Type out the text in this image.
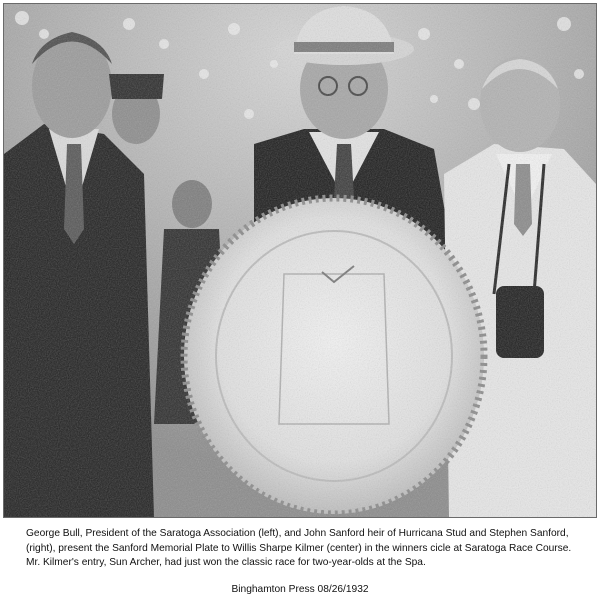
George Bull, President of the Saratoga Association (left), and John Sanford heir of Hurricana Stud and Stephen Sanford, (right), present the Sanford Memorial Plate to Willis Sharpe Kilmer (center) in the winners cicle at Saratoga Race Course. Mr. Kilmer's entry, Sun Archer, had just won the classic race for two-year-olds at the Spa.

Binghamton Press 08/26/1932
